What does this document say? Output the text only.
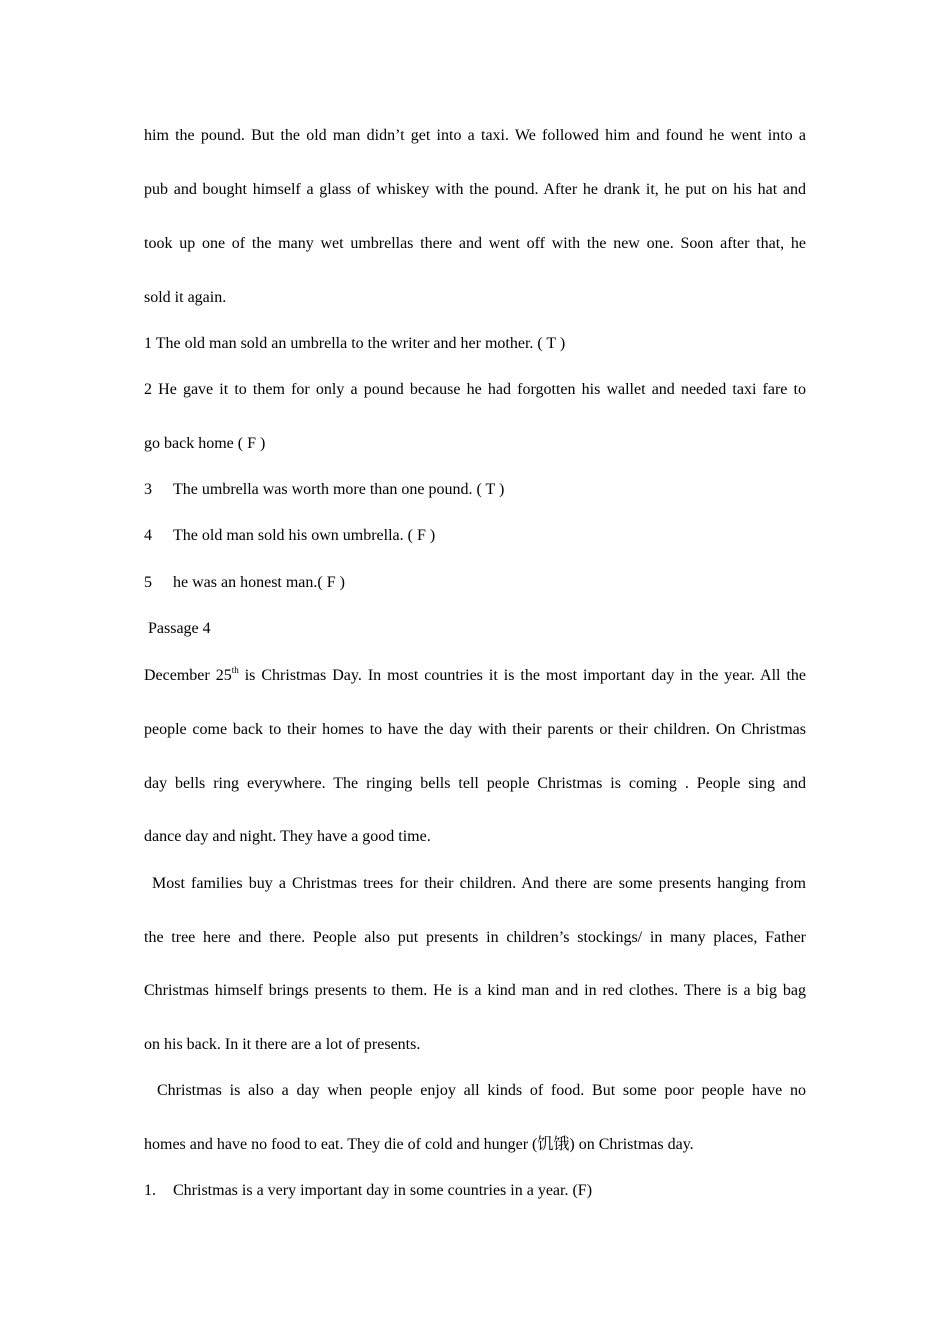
him the pound. But the old man didn’t get into a taxi. We followed him and found he went into a

pub and bought himself a glass of whiskey with the pound. After he drank it, he put on his hat and

took up one of the many wet umbrellas there and went off with the new one. Soon after that, he

sold it again.

1 The old man sold an umbrella to the writer and her mother. ( T )

2 He gave it to them for only a pound because he had forgotten his wallet and needed taxi fare to

go back home ( F )

3 The umbrella was worth more than one pound. ( T )

4 The old man sold his own umbrella. ( F )

5 he was an honest man.( F )

Passage 4

December 25th is Christmas Day. In most countries it is the most important day in the year. All the

people come back to their homes to have the day with their parents or their children. On Christmas

day bells ring everywhere. The ringing bells tell people Christmas is coming . People sing and

dance day and night. They have a good time.

Most families buy a Christmas trees for their children. And there are some presents hanging from

the tree here and there. People also put presents in children’s stockings/ in many places, Father

Christmas himself brings presents to them. He is a kind man and in red clothes. There is a big bag

on his back. In it there are a lot of presents.

Christmas is also a day when people enjoy all kinds of food. But some poor people have no

homes and have no food to eat. They die of cold and hunger (饥饿) on Christmas day.

1. Christmas is a very important day in some countries in a year. (F)
